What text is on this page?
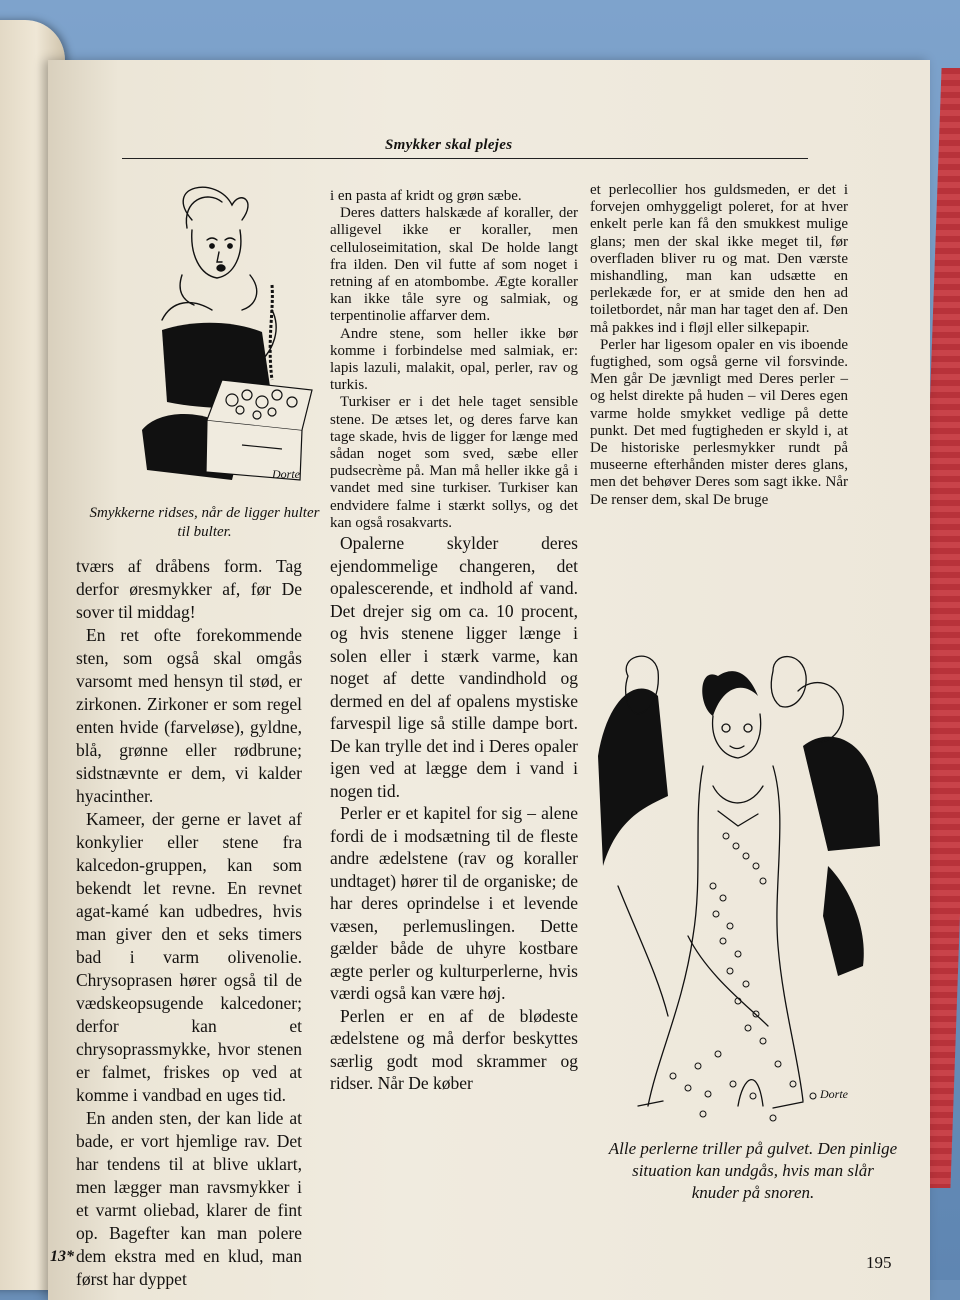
Smykker skal plejes
Dorte
Smykkerne ridses, når de ligger hulter til bulter.

tværs af dråbens form. Tag derfor øresmykker af, før De sover til middag!

En ret ofte forekommende sten, som også skal omgås varsomt med hensyn til stød, er zirkonen. Zirkoner er som regel enten hvide (farveløse), gyldne, blå, grønne eller rødbrune; sidstnævnte er dem, vi kalder hyacinther.

Kameer, der gerne er lavet af konkylier eller stene fra kalcedon-gruppen, kan som bekendt let revne. En revnet agat-kamé kan udbedres, hvis man giver den et seks timers bad i varm olivenolie. Chrysoprasen hører også til de vædskeopsugende kalcedoner; derfor kan et chrysoprassmykke, hvor stenen er falmet, friskes op ved at komme i vandbad en uges tid.

En anden sten, der kan lide at bade, er vort hjemlige rav. Det har tendens til at blive uklart, men lægger man ravsmykker i et varmt oliebad, klarer de fint op. Bagefter kan man polere dem ekstra med en klud, man først har dyppet

i en pasta af kridt og grøn sæbe.

Deres datters halskæde af koraller, der alligevel ikke er koraller, men celluloseimitation, skal De holde langt fra ilden. Den vil futte af som noget i retning af en atombombe. Ægte koraller kan ikke tåle syre og salmiak, og terpentinolie affarver dem.

Andre stene, som heller ikke bør komme i forbindelse med salmiak, er: lapis lazuli, malakit, opal, perler, rav og turkis.

Turkiser er i det hele taget sensible stene. De ætses let, og deres farve kan tage skade, hvis de ligger for længe med sådan noget som sved, sæbe eller pudsecrème på. Man må heller ikke gå i vandet med sine turkiser. Turkiser kan endvidere falme i stærkt sollys, og det kan også rosakvarts.

Opalerne skylder deres ejendommelige changeren, det opalescerende, et indhold af vand. Det drejer sig om ca. 10 procent, og hvis stenene ligger længe i solen eller i stærk varme, kan noget af dette vandindhold og dermed en del af opalens mystiske farvespil lige så stille dampe bort. De kan trylle det ind i Deres opaler igen ved at lægge dem i vand i nogen tid.

Perler er et kapitel for sig – alene fordi de i modsætning til de fleste andre ædelstene (rav og koraller undtaget) hører til de organiske; de har deres oprindelse i et levende væsen, perlemuslingen. Dette gælder både de uhyre kostbare ægte perler og kulturperlerne, hvis værdi også kan være høj.

Perlen er en af de blødeste ædelstene og må derfor beskyttes særlig godt mod skrammer og ridser. Når De køber

et perlecollier hos guldsmeden, er det i forvejen omhyggeligt poleret, for at hver enkelt perle kan få den smukkest mulige glans; men der skal ikke meget til, før overfladen bliver ru og mat. Den værste mishandling, man kan udsætte en perlekæde for, er at smide den hen ad toiletbordet, når man har taget den af. Den må pakkes ind i fløjl eller silkepapir.

Perler har ligesom opaler en vis iboende fugtighed, som også gerne vil forsvinde. Men går De jævnligt med Deres perler – og helst direkte på huden – vil Deres egen varme holde smykket vedlige på dette punkt. Det med fugtigheden er skyld i, at De historiske perlesmykker rundt på museerne efterhånden mister deres glans, men det behøver Deres som sagt ikke. Når De renser dem, skal De bruge

Dorte
Alle perlerne triller på gulvet. Den pinlige situation kan undgås, hvis man slår knuder på snoren.
13*	195
